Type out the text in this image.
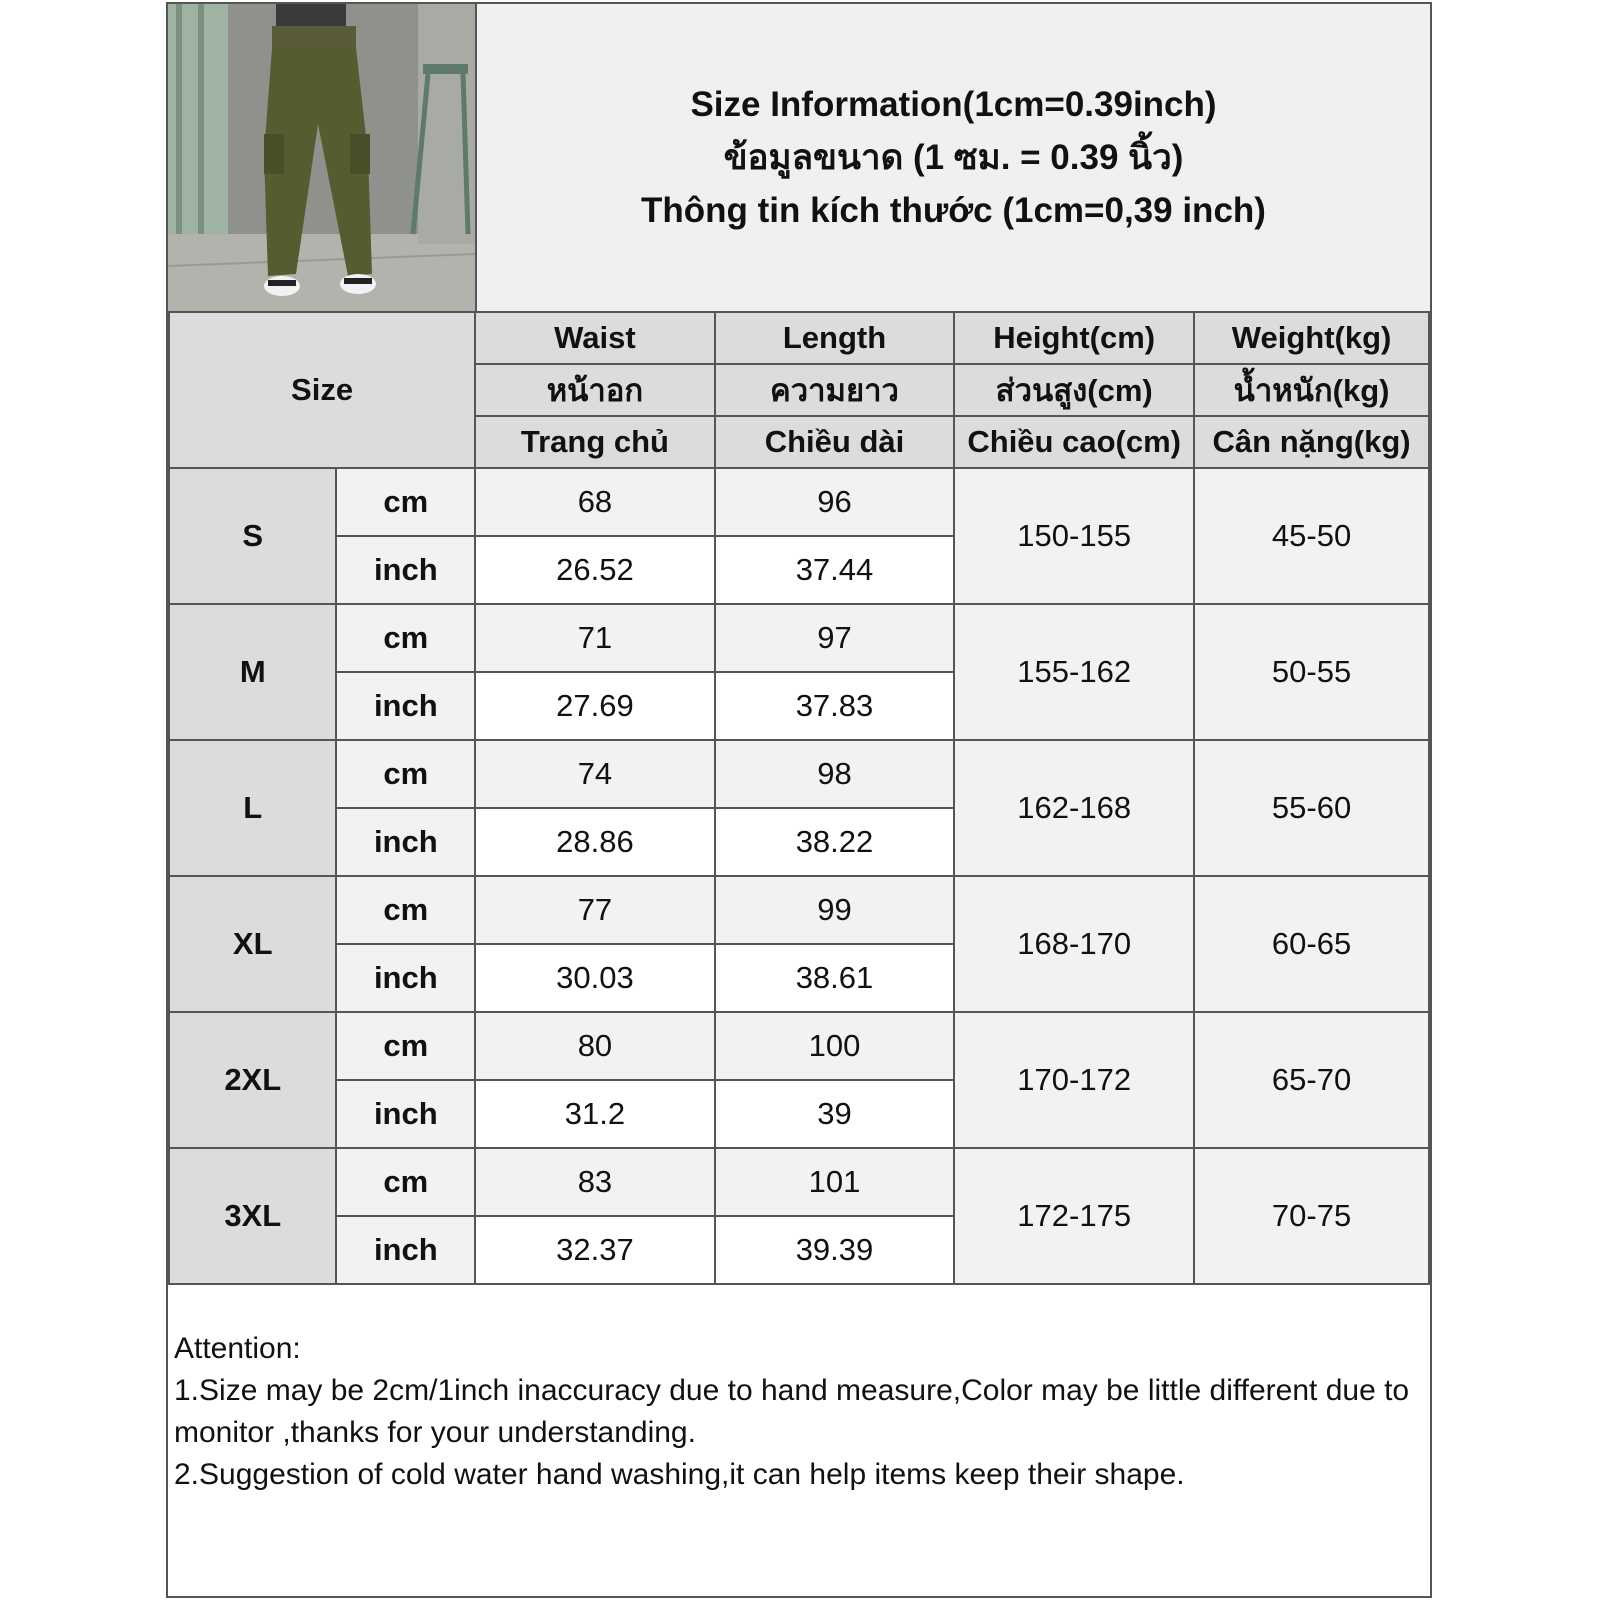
Size Information(1cm=0.39inch)
ข้อมูลขนาด (1 ซม. = 0.39 นิ้ว)
Thông tin kích thước (1cm=0,39 inch)
Size		Waist	Length	Height(cm)	Weight(kg)
		หน้าอก	ความยาว	ส่วนสูง(cm)	น้ำหนัก(kg)
		Trang chủ	Chiều dài	Chiều cao(cm)	Cân nặng(kg)
S	cm	68	96	150-155	45-50
	inch	26.52	37.44		
M	cm	71	97	155-162	50-55
	inch	27.69	37.83		
L	cm	74	98	162-168	55-60
	inch	28.86	38.22		
XL	cm	77	99	168-170	60-65
	inch	30.03	38.61		
2XL	cm	80	100	170-172	65-70
	inch	31.2	39		
3XL	cm	83	101	172-175	70-75
	inch	32.37	39.39		
Attention:
1.Size may be 2cm/1inch inaccuracy due to hand measure,Color may be little different due to monitor ,thanks for your understanding.
2.Suggestion of cold water hand washing,it can help items keep their shape.
